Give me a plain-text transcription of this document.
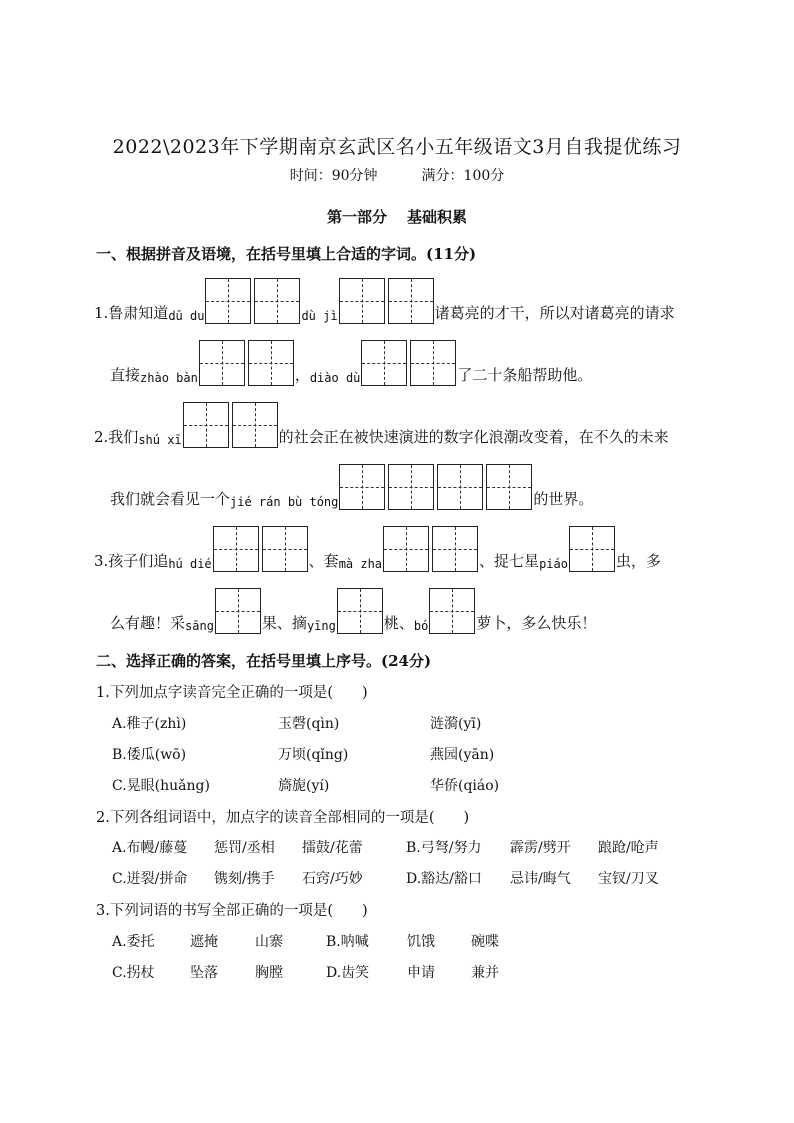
2022\2023年下学期南京玄武区名小五年级语文3月自我提优练习
时间：90分钟	满分：100分
第一部分 基础积累
一、根据拼音及语境，在括号里填上合适的字词。(11分)
1.鲁肃知道 dū du	dù jì	诸葛亮的才干，所以对诸葛亮的请求
直接 zhào bàn	， diào dù	了二十条船帮助他。
2.我们 shú xī	的社会正在被快速演进的数字化浪潮改变着，在不久的未来
我们就会看见一个 jié rán bù tóng	的世界。
3.孩子们追 hú dié	、套 mà zha	、捉七星 piáo	虫，多
么有趣！采 sāng	果、摘 yīng	桃、 bó	萝卜，多么快乐！
二、选择正确的答案，在括号里填上序号。(24分)
1.下列加点字读音完全正确的一项是(　　)
A.稚子(zhì)	玉磬(qìn)	涟漪(yī)
B.倭瓜(wō)	万顷(qǐng)	燕园(yān)
C.晃眼(huǎng)	旖旎(yí)	华侨(qiáo)
2.下列各组词语中，加点字的读音全部相同的一项是(　　)
A.布幔/藤蔓 惩罚/丞相 擂鼓/花蕾	B.弓弩/努力 霹雳/劈开 踉跄/呛声
C.迸裂/拼命 镌刻/携手 石窍/巧妙	D.豁达/豁口 忌讳/晦气 宝钗/刀叉
3.下列词语的书写全部正确的一项是(　　)
A.委托	遮掩	山寨	B.呐喊	饥饿	碗喋
C.拐杖	坠落	胸膛	D.齿笑	申请	兼并
